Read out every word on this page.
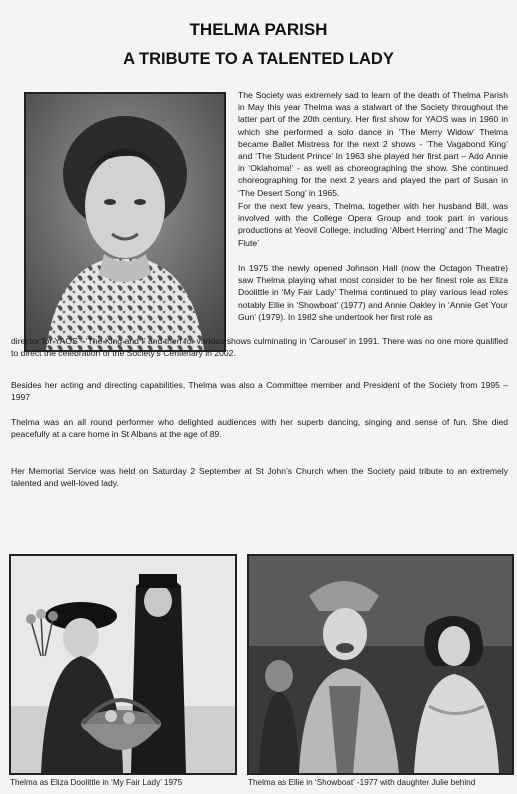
THELMA PARISH
A TRIBUTE TO A TALENTED LADY

The Society was extremely sad to learn of the death of Thelma Parish in May this year Thelma was a stalwart of the Society throughout the latter part of the 20th century. Her first show for YAOS was in 1960 in which she performed a solo dance in ‘The Merry Widow’ Thelma became Ballet Mistress for the next 2 shows - ‘The Vagabond King’ and ‘The Student Prince’ In 1963 she played her first part – Ado Annie in ‘Oklahoma!’ - as well as choreographing the show. She continued choreographing for the next 2 years and played the part of Susan in ‘The Desert Song’ in 1965.

For the next few years, Thelma, together with her husband Bill, was involved with the College Opera Group and took part in various productions at Yeovil College, including ‘Albert Herring’ and ‘The Magic Flute’

In 1975 the newly opened Johnson Hall (now the Octagon Theatre) saw Thelma playing what most consider to be her finest role as Eliza Doolittle in ‘My Fair Lady’ Thelma continued to play various lead roles notably Ellie in ‘Showboat’ (1977) and Annie Oakley in ‘Annie Get Your Gun’ (1979). In 1982 she undertook her first role as

director for YAOS - ‘The King and I’ and then for various shows culminating in ‘Carousel’ in 1991. There was no one more qualified to direct the celebration of the Society’s Centenary in 2002.

Besides her acting and directing capabilities, Thelma was also a Committee member and President of the Society from 1995 – 1997

Thelma was an all round performer who delighted audiences with her superb dancing, singing and sense of fun. She died peacefully at a care home in St Albans at the age of 89.

Her Memorial Service was held on Saturday 2 September at St John’s Church when the Society paid tribute to an extremely talented and well-loved lady.

Thelma as Eliza Doolittle in ‘My Fair Lady’ 1975	Thelma as Ellie in ‘Showboat’ -1977 with daughter Julie behind
